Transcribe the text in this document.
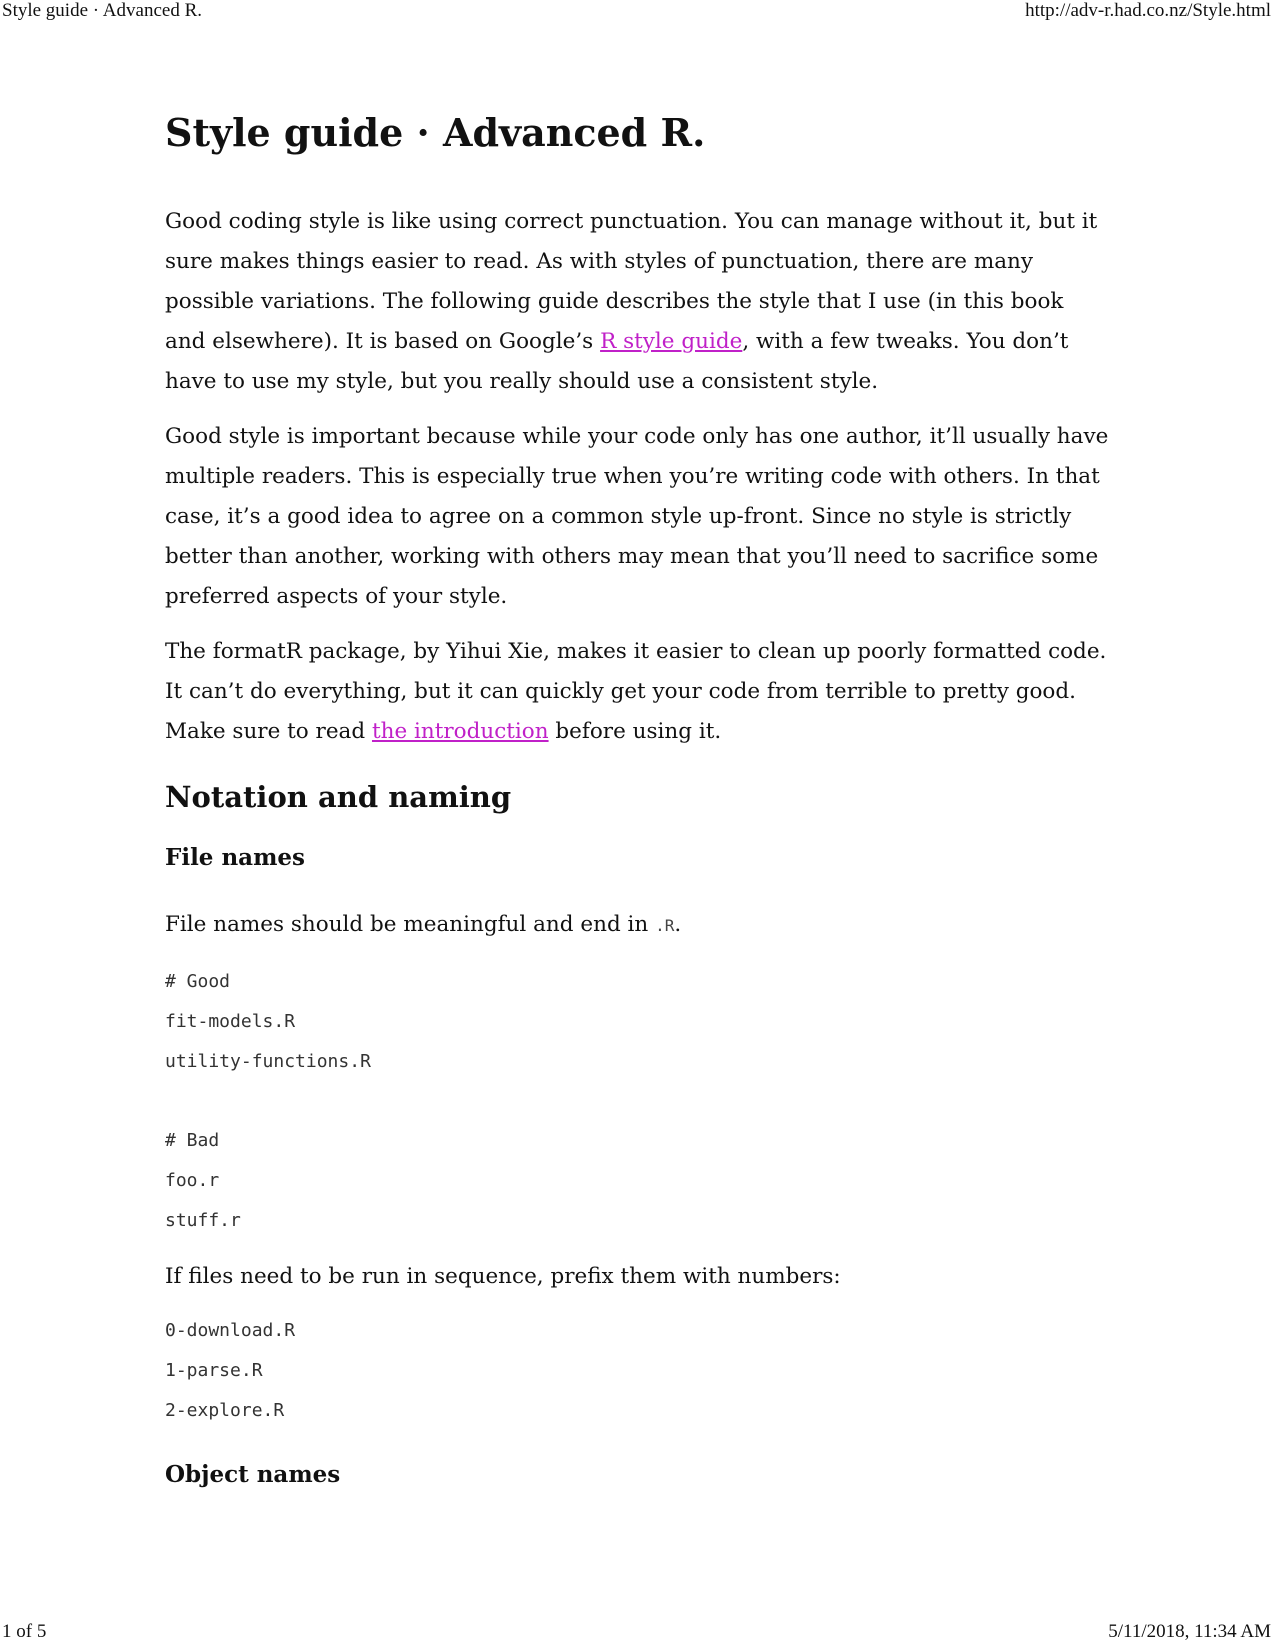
Style guide · Advanced R.	http://adv-r.had.co.nz/Style.html
Style guide · Advanced R.

Good coding style is like using correct punctuation. You can manage without it, but it sure makes things easier to read. As with styles of punctuation, there are many possible variations. The following guide describes the style that I use (in this book and elsewhere). It is based on Google’s R style guide, with a few tweaks. You don’t have to use my style, but you really should use a consistent style.

Good style is important because while your code only has one author, it’ll usually have multiple readers. This is especially true when you’re writing code with others. In that case, it’s a good idea to agree on a common style up-front. Since no style is strictly better than another, working with others may mean that you’ll need to sacrifice some preferred aspects of your style.

The formatR package, by Yihui Xie, makes it easier to clean up poorly formatted code. It can’t do everything, but it can quickly get your code from terrible to pretty good. Make sure to read the introduction before using it.

Notation and naming
File names

File names should be meaningful and end in .R.

# Good
fit-models.R
utility-functions.R
# Bad
foo.r
stuff.r

If files need to be run in sequence, prefix them with numbers:

0-download.R
1-parse.R
2-explore.R
Object names
1 of 5	5/11/2018, 11:34 AM
